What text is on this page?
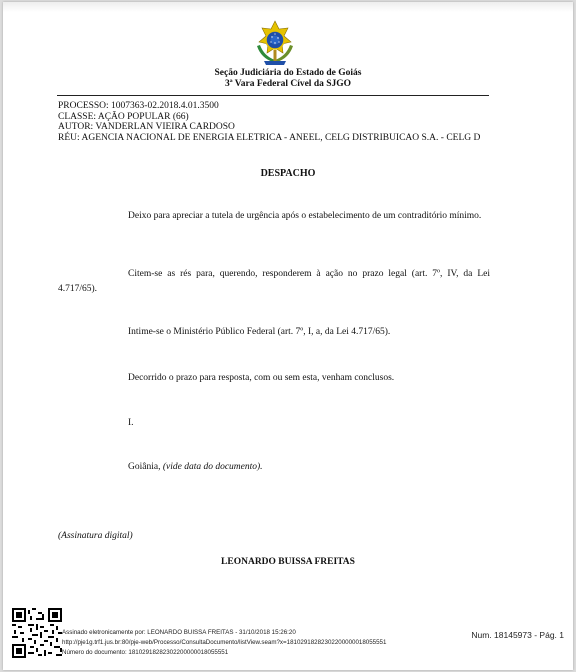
Seção Judiciária do Estado de Goiás
3ª Vara Federal Cível da SJGO
PROCESSO: 1007363-02.2018.4.01.3500
CLASSE: AÇÃO POPULAR (66)
AUTOR: VANDERLAN VIEIRA CARDOSO
RÉU: AGENCIA NACIONAL DE ENERGIA ELETRICA - ANEEL, CELG DISTRIBUICAO S.A. - CELG D
DESPACHO
Deixo para apreciar a tutela de urgência após o estabelecimento de um contraditório mínimo.
Citem-se as rés para, querendo, responderem à ação no prazo legal (art. 7º, IV, da Lei 4.717/65).
Intime-se o Ministério Público Federal (art. 7º, I, a, da Lei 4.717/65).
Decorrido o prazo para resposta, com ou sem esta, venham conclusos.
I.
Goiânia, (vide data do documento).
(Assinatura digital)
LEONARDO BUISSA FREITAS
Assinado eletronicamente por: LEONARDO BUISSA FREITAS - 31/10/2018 15:26:20
http://pje1g.trf1.jus.br:80/pje-web/Processo/ConsultaDocumento/listView.seam?x=18102918282302200000018055551
Número do documento: 18102918282302200000018055551
Num. 18145973 - Pág. 1
